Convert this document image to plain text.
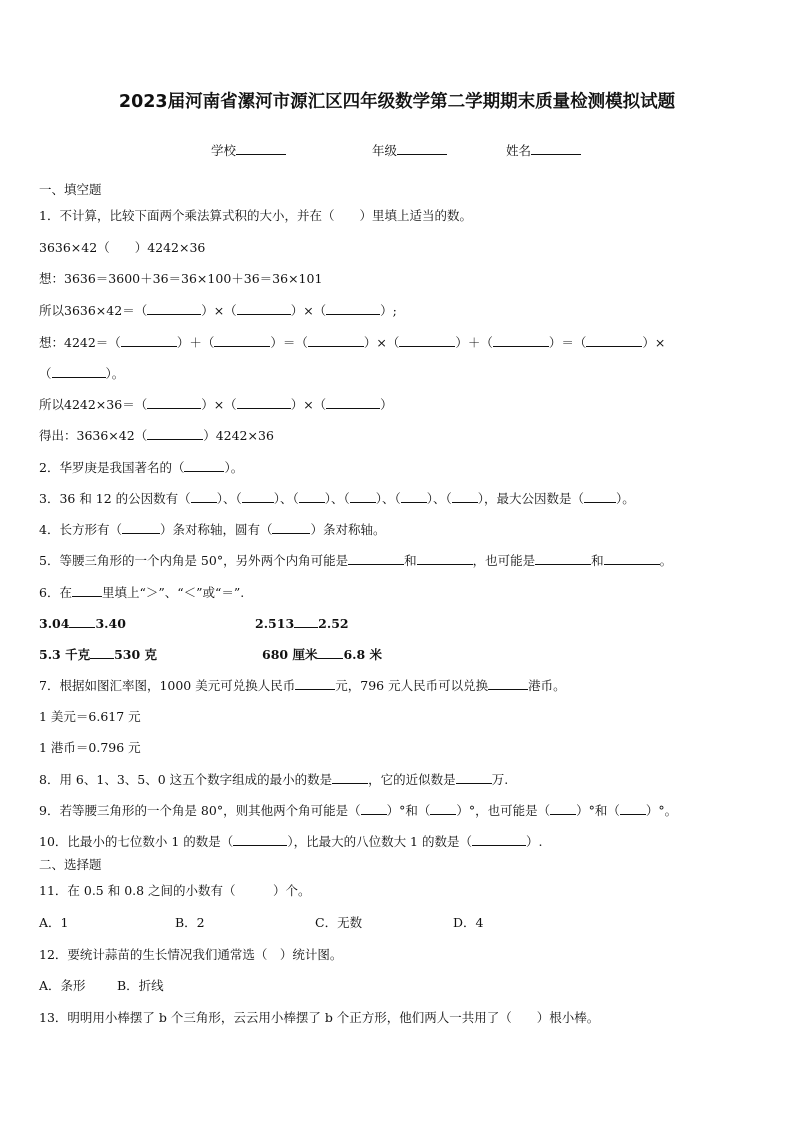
2023届河南省漯河市源汇区四年级数学第二学期期末质量检测模拟试题
学校	年级	姓名
一、填空题
1．不计算，比较下面两个乘法算式积的大小，并在（　　）里填上适当的数。
3636×42（　　）4242×36
想：3636＝3600＋36＝36×100＋36＝36×101
所以3636×42＝（	）×（	）×（	）;
想：4242＝（	）＋（	）＝（	）×（	）＋（	）＝（	）×
（	）。
所以4242×36＝（	）×（	）×（	）
得出：3636×42（	）4242×36
2．华罗庚是我国著名的（	）。
3．36 和 12 的公因数有（ ）、（	）、（ ）、（ ）、（ ）、（ ），最大公因数是（	）。
4．长方形有（	）条对称轴，圆有（	）条对称轴。
5．等腰三角形的一个内角是 50°，另外两个内角可能是	和	，也可能是	和	。
6．在 里填上“＞”、“＜”或“＝”.
3.04 3.40	2.513 2.52
5.3 千克 530 克	680 厘米 6.8 米
7．根据如图汇率图，1000 美元可兑换人民币	元，796 元人民币可以兑换	港币。
1 美元＝6.617 元
1 港币＝0.796 元
8．用 6、1、3、5、0 这五个数字组成的最小的数是	，它的近似数是	万.
9．若等腰三角形的一个角是 80°，则其他两个角可能是（ ）°和（ ）°，也可能是（ ）°和（ ）°。
10．比最小的七位数小 1 的数是（	），比最大的八位数大 1 的数是（	）.
二、选择题
11．在 0.5 和 0.8 之间的小数有（　　　）个。
A．1	B．2	C．无数	D．4
12．要统计蒜苗的生长情况我们通常选（　）统计图。
A．条形	B．折线
13．明明用小棒摆了 b 个三角形，云云用小棒摆了 b 个正方形，他们两人一共用了（　　）根小棒。
